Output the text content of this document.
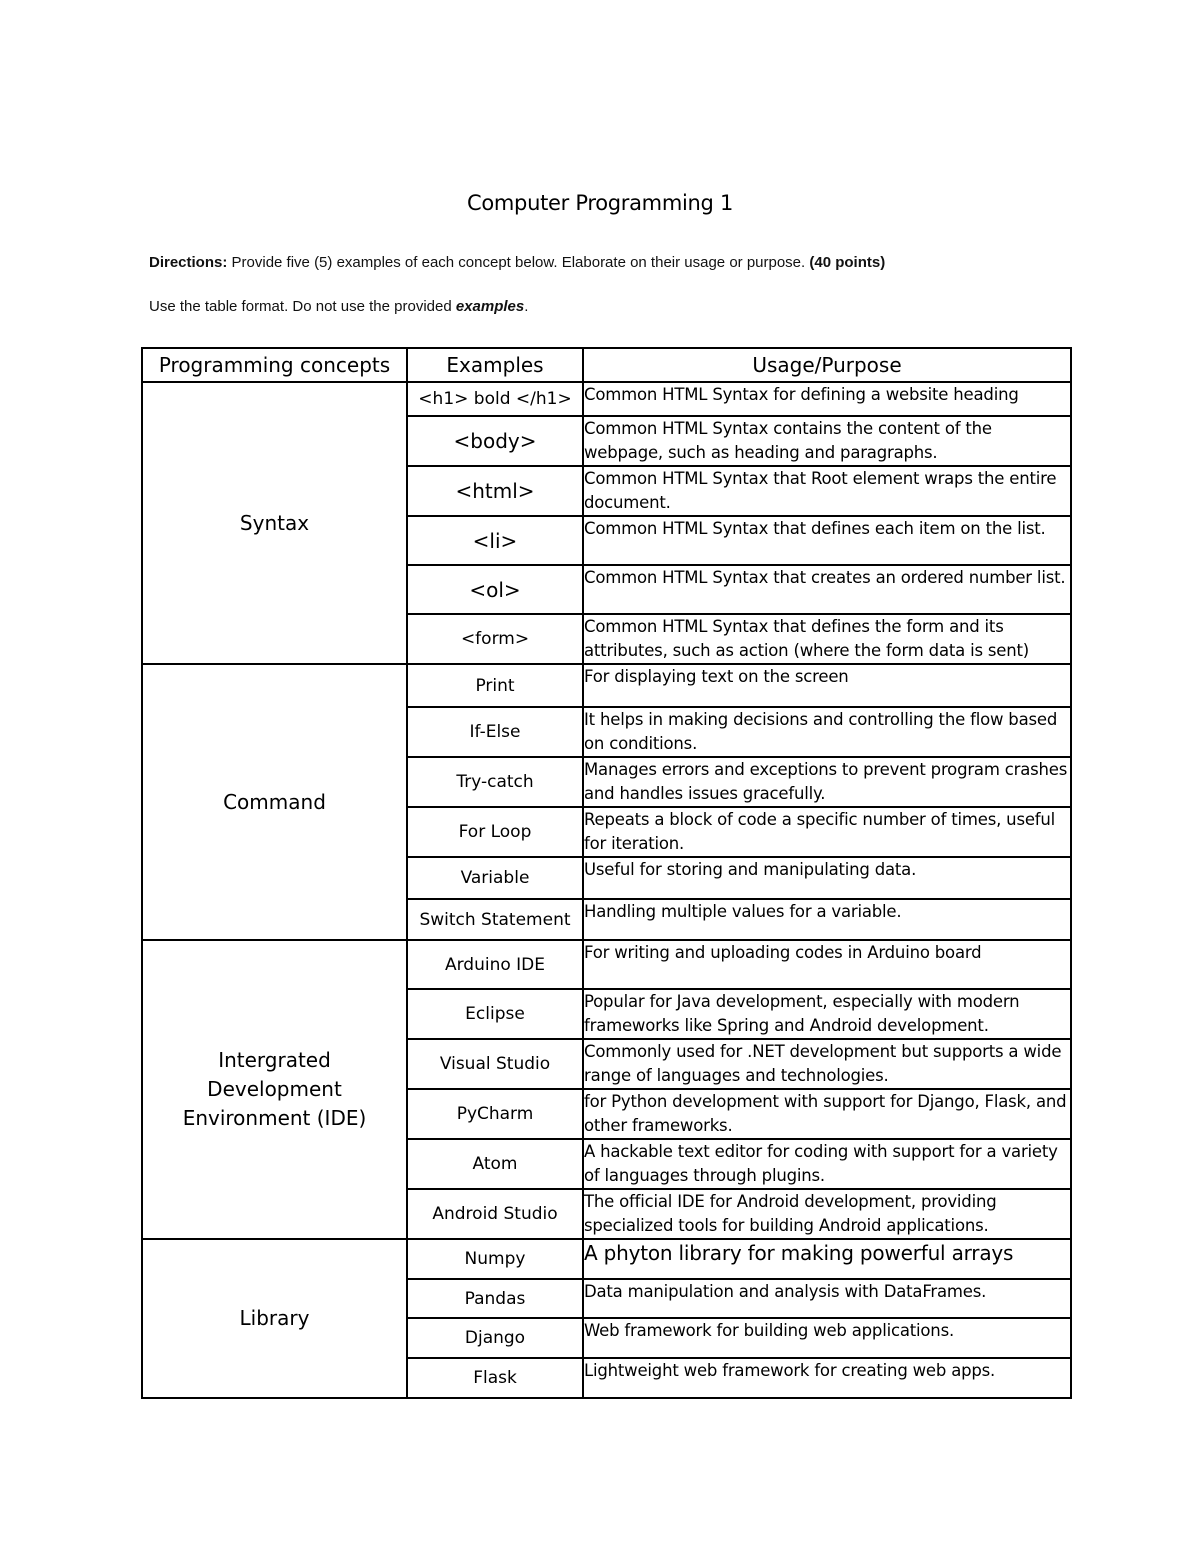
Computer Programming 1
Directions: Provide five (5) examples of each concept below. Elaborate on their usage or purpose. (40 points)
Use the table format. Do not use the provided examples.
Programming concepts	Examples	Usage/Purpose
Syntax	<h1> bold </h1>	Common HTML Syntax for defining a website heading
	<body>	Common HTML Syntax contains the content of the webpage, such as heading and paragraphs.
	<html>	Common HTML Syntax that Root element wraps the entire document.
	<li>	Common HTML Syntax that defines each item on the list.
	<ol>	Common HTML Syntax that creates an ordered number list.
	<form>	Common HTML Syntax that defines the form and its attributes, such as action (where the form data is sent)
Command	Print	For displaying text on the screen
	If-Else	It helps in making decisions and controlling the flow based on conditions.
	Try-catch	Manages errors and exceptions to prevent program crashes and handles issues gracefully.
	For Loop	Repeats a block of code a specific number of times, useful for iteration.
	Variable	Useful for storing and manipulating data.
	Switch Statement	Handling multiple values for a variable.
Intergrated
Development
Environment (IDE)	Arduino IDE	For writing and uploading codes in Arduino board
	Eclipse	Popular for Java development, especially with modern frameworks like Spring and Android development.
	Visual Studio	Commonly used for .NET development but supports a wide range of languages and technologies.
	PyCharm	for Python development with support for Django, Flask, and other frameworks.
	Atom	A hackable text editor for coding with support for a variety of languages through plugins.
	Android Studio	The official IDE for Android development, providing specialized tools for building Android applications.
Library	Numpy	A phyton library for making powerful arrays
	Pandas	Data manipulation and analysis with DataFrames.
	Django	Web framework for building web applications.
	Flask	Lightweight web framework for creating web apps.
